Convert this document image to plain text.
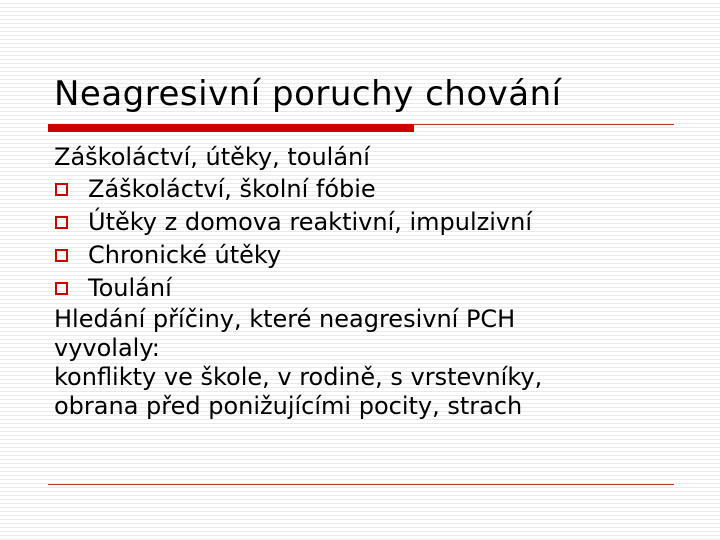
Neagresivní poruchy chování
Záškoláctví, útěky, toulání
Záškoláctví, školní fóbie
Útěky z domova reaktivní, impulzivní
Chronické útěky
Toulání
Hledání příčiny, které neagresivní PCH
vyvolaly:
konflikty ve škole, v rodině, s vrstevníky,
obrana před ponižujícími pocity, strach
